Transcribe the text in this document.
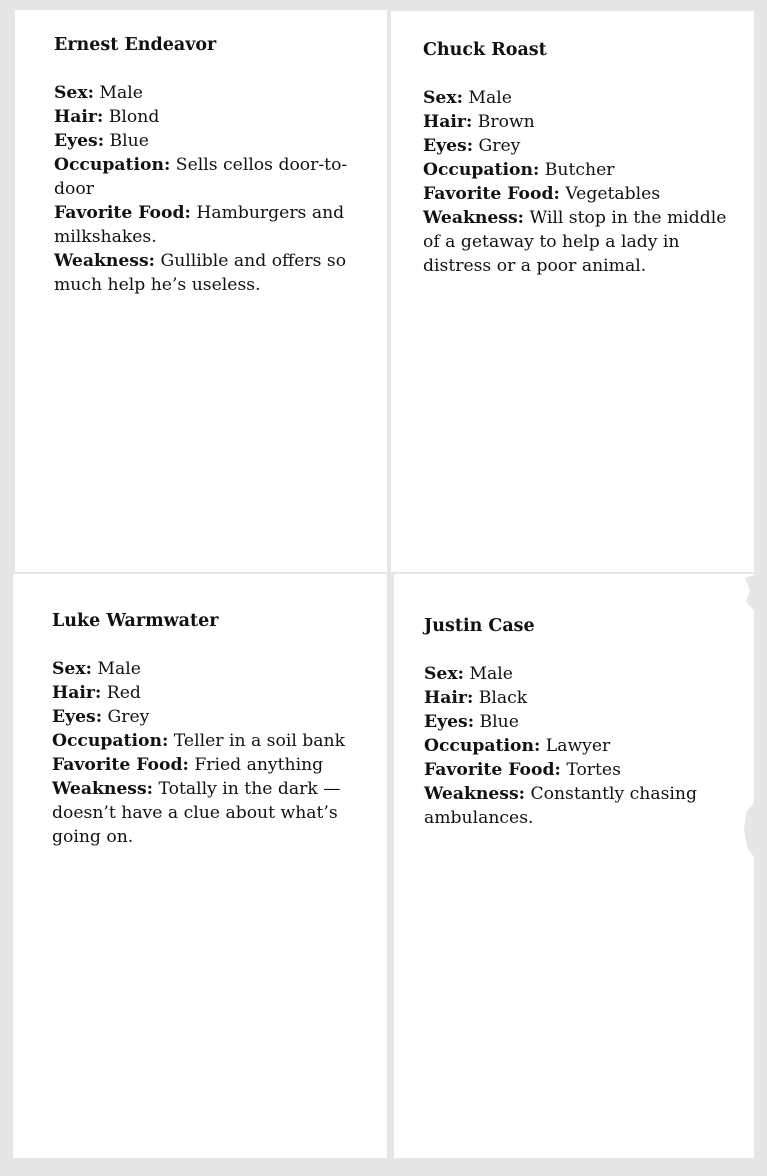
Ernest Endeavor
Sex: Male
Hair: Blond
Eyes: Blue
Occupation: Sells cellos door-to-door
Favorite Food: Hamburgers and milkshakes.
Weakness: Gullible and offers so much help he’s useless.
Chuck Roast
Sex: Male
Hair: Brown
Eyes: Grey
Occupation: Butcher
Favorite Food: Vegetables
Weakness: Will stop in the middle of a getaway to help a lady in distress or a poor animal.
Luke Warmwater
Sex: Male
Hair: Red
Eyes: Grey
Occupation: Teller in a soil bank
Favorite Food: Fried anything
Weakness: Totally in the dark — doesn’t have a clue about what’s going on.
Justin Case
Sex: Male
Hair: Black
Eyes: Blue
Occupation: Lawyer
Favorite Food: Tortes
Weakness: Constantly chasing ambulances.
